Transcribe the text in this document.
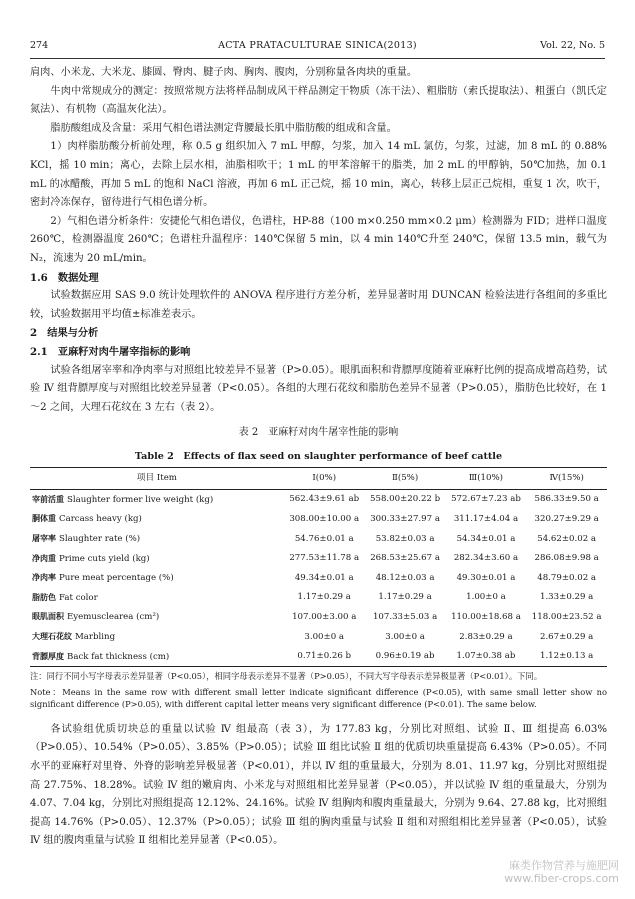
274	ACTA PRATACULTURAE SINICA(2013)	Vol. 22, No. 5

肩肉、小米龙、大米龙、膝圆、臀肉、腱子肉、胸肉、腹肉，分别称量各肉块的重量。

牛肉中常规成分的测定：按照常规方法将样品制成风干样品测定干物质（冻干法）、粗脂肪（索氏提取法）、粗蛋白（凯氏定氮法）、有机物（高温灰化法）。

脂肪酸组成及含量：采用气相色谱法测定背腰最长肌中脂肪酸的组成和含量。

1）肉样脂肪酸分析前处理，称 0.5 g 组织加入 7 mL 甲醇，匀浆，加入 14 mL 氯仿，匀浆，过滤，加 8 mL 的 0.88% KCl，摇 10 min；离心，去除上层水相，油脂相吹干；1 mL 的甲苯溶解干的脂类，加 2 mL 的甲醇钠，50℃加热，加 0.1 mL 的冰醋酸，再加 5 mL 的饱和 NaCl 溶液，再加 6 mL 正己烷，摇 10 min，离心，转移上层正己烷相，重复 1 次，吹干，密封冷冻保存，留待进行气相色谱分析。

2）气相色谱分析条件：安捷伦气相色谱仪，色谱柱，HP-88（100 m×0.250 mm×0.2 μm）检测器为 FID；进样口温度 260℃，检测器温度 260℃；色谱柱升温程序：140℃保留 5 min，以 4 min 140℃升至 240℃，保留 13.5 min，载气为 N₂，流速为 20 mL/min。

1.6　数据处理

试验数据应用 SAS 9.0 统计处理软件的 ANOVA 程序进行方差分析，差异显著时用 DUNCAN 检验法进行各组间的多重比较，试验数据用平均值±标准差表示。

2　结果与分析

2.1　亚麻籽对肉牛屠宰指标的影响

试验各组屠宰率和净肉率与对照组比较差异不显著（P>0.05）。眼肌面积和背膘厚度随着亚麻籽比例的提高成增高趋势，试验 Ⅳ 组背膘厚度与对照组比较差异显著（P<0.05）。各组的大理石花纹和脂肪色差异不显著（P>0.05），脂肪色比较好，在 1～2 之间，大理石花纹在 3 左右（表 2）。

表 2　亚麻籽对肉牛屠宰性能的影响
Table 2　Effects of flax seed on slaughter performance of beef cattle
项目 Item	Ⅰ(0%)	Ⅱ(5%)	Ⅲ(10%)	Ⅳ(15%)
宰前活重 Slaughter former live weight (kg)	562.43±9.61 ab	558.00±20.22 b	572.67±7.23 ab	586.33±9.50 a
胴体重 Carcass heavy (kg)	308.00±10.00 a	300.33±27.97 a	311.17±4.04 a	320.27±9.29 a
屠宰率 Slaughter rate (%)	54.76±0.01 a	53.82±0.03 a	54.34±0.01 a	54.62±0.02 a
净肉重 Prime cuts yield (kg)	277.53±11.78 a	268.53±25.67 a	282.34±3.60 a	286.08±9.98 a
净肉率 Pure meat percentage (%)	49.34±0.01 a	48.12±0.03 a	49.30±0.01 a	48.79±0.02 a
脂肪色 Fat color	1.17±0.29 a	1.17±0.29 a	1.00±0 a	1.33±0.29 a
眼肌面积 Eyemusclearea (cm²)	107.00±3.00 a	107.33±5.03 a	110.00±18.68 a	118.00±23.52 a
大理石花纹 Marbling	3.00±0 a	3.00±0 a	2.83±0.29 a	2.67±0.29 a
背膘厚度 Back fat thickness (cm)	0.71±0.26 b	0.96±0.19 ab	1.07±0.38 ab	1.12±0.13 a
注：同行不同小写字母表示差异显著（P<0.05），相同字母表示差异不显著（P>0.05），不同大写字母表示差异极显著（P<0.01）。下同。
Note：Means in the same row with different small letter indicate significant difference (P<0.05), with same small letter show no significant difference (P>0.05), with different capital letter means very significant difference (P<0.01). The same below.

各试验组优质切块总的重量以试验 Ⅳ 组最高（表 3），为 177.83 kg，分别比对照组、试验 Ⅱ、Ⅲ 组提高 6.03%（P>0.05）、10.54%（P>0.05）、3.85%（P>0.05）；试验 Ⅲ 组比试验 Ⅱ 组的优质切块重量提高 6.43%（P>0.05）。不同水平的亚麻籽对里脊、外脊的影响差异极显著（P<0.01），并以 Ⅳ 组的重量最大，分别为 8.01、11.97 kg，分别比对照组提高 27.75%、18.28%。试验 Ⅳ 组的嫩肩肉、小米龙与对照组相比差异显著（P<0.05），并以试验 Ⅳ 组的重量最大，分别为 4.07、7.04 kg，分别比对照组提高 12.12%、24.16%。试验 Ⅳ 组胸肉和腹肉重量最大，分别为 9.64、27.88 kg，比对照组提高 14.76%（P>0.05）、12.37%（P>0.05）；试验 Ⅲ 组的胸肉重量与试验 Ⅱ 组和对照组相比差异显著（P<0.05），试验 Ⅳ 组的腹肉重量与试验 Ⅱ 组相比差异显著（P<0.05）。

麻类作物营养与施肥网
www.fiber-crops.com
